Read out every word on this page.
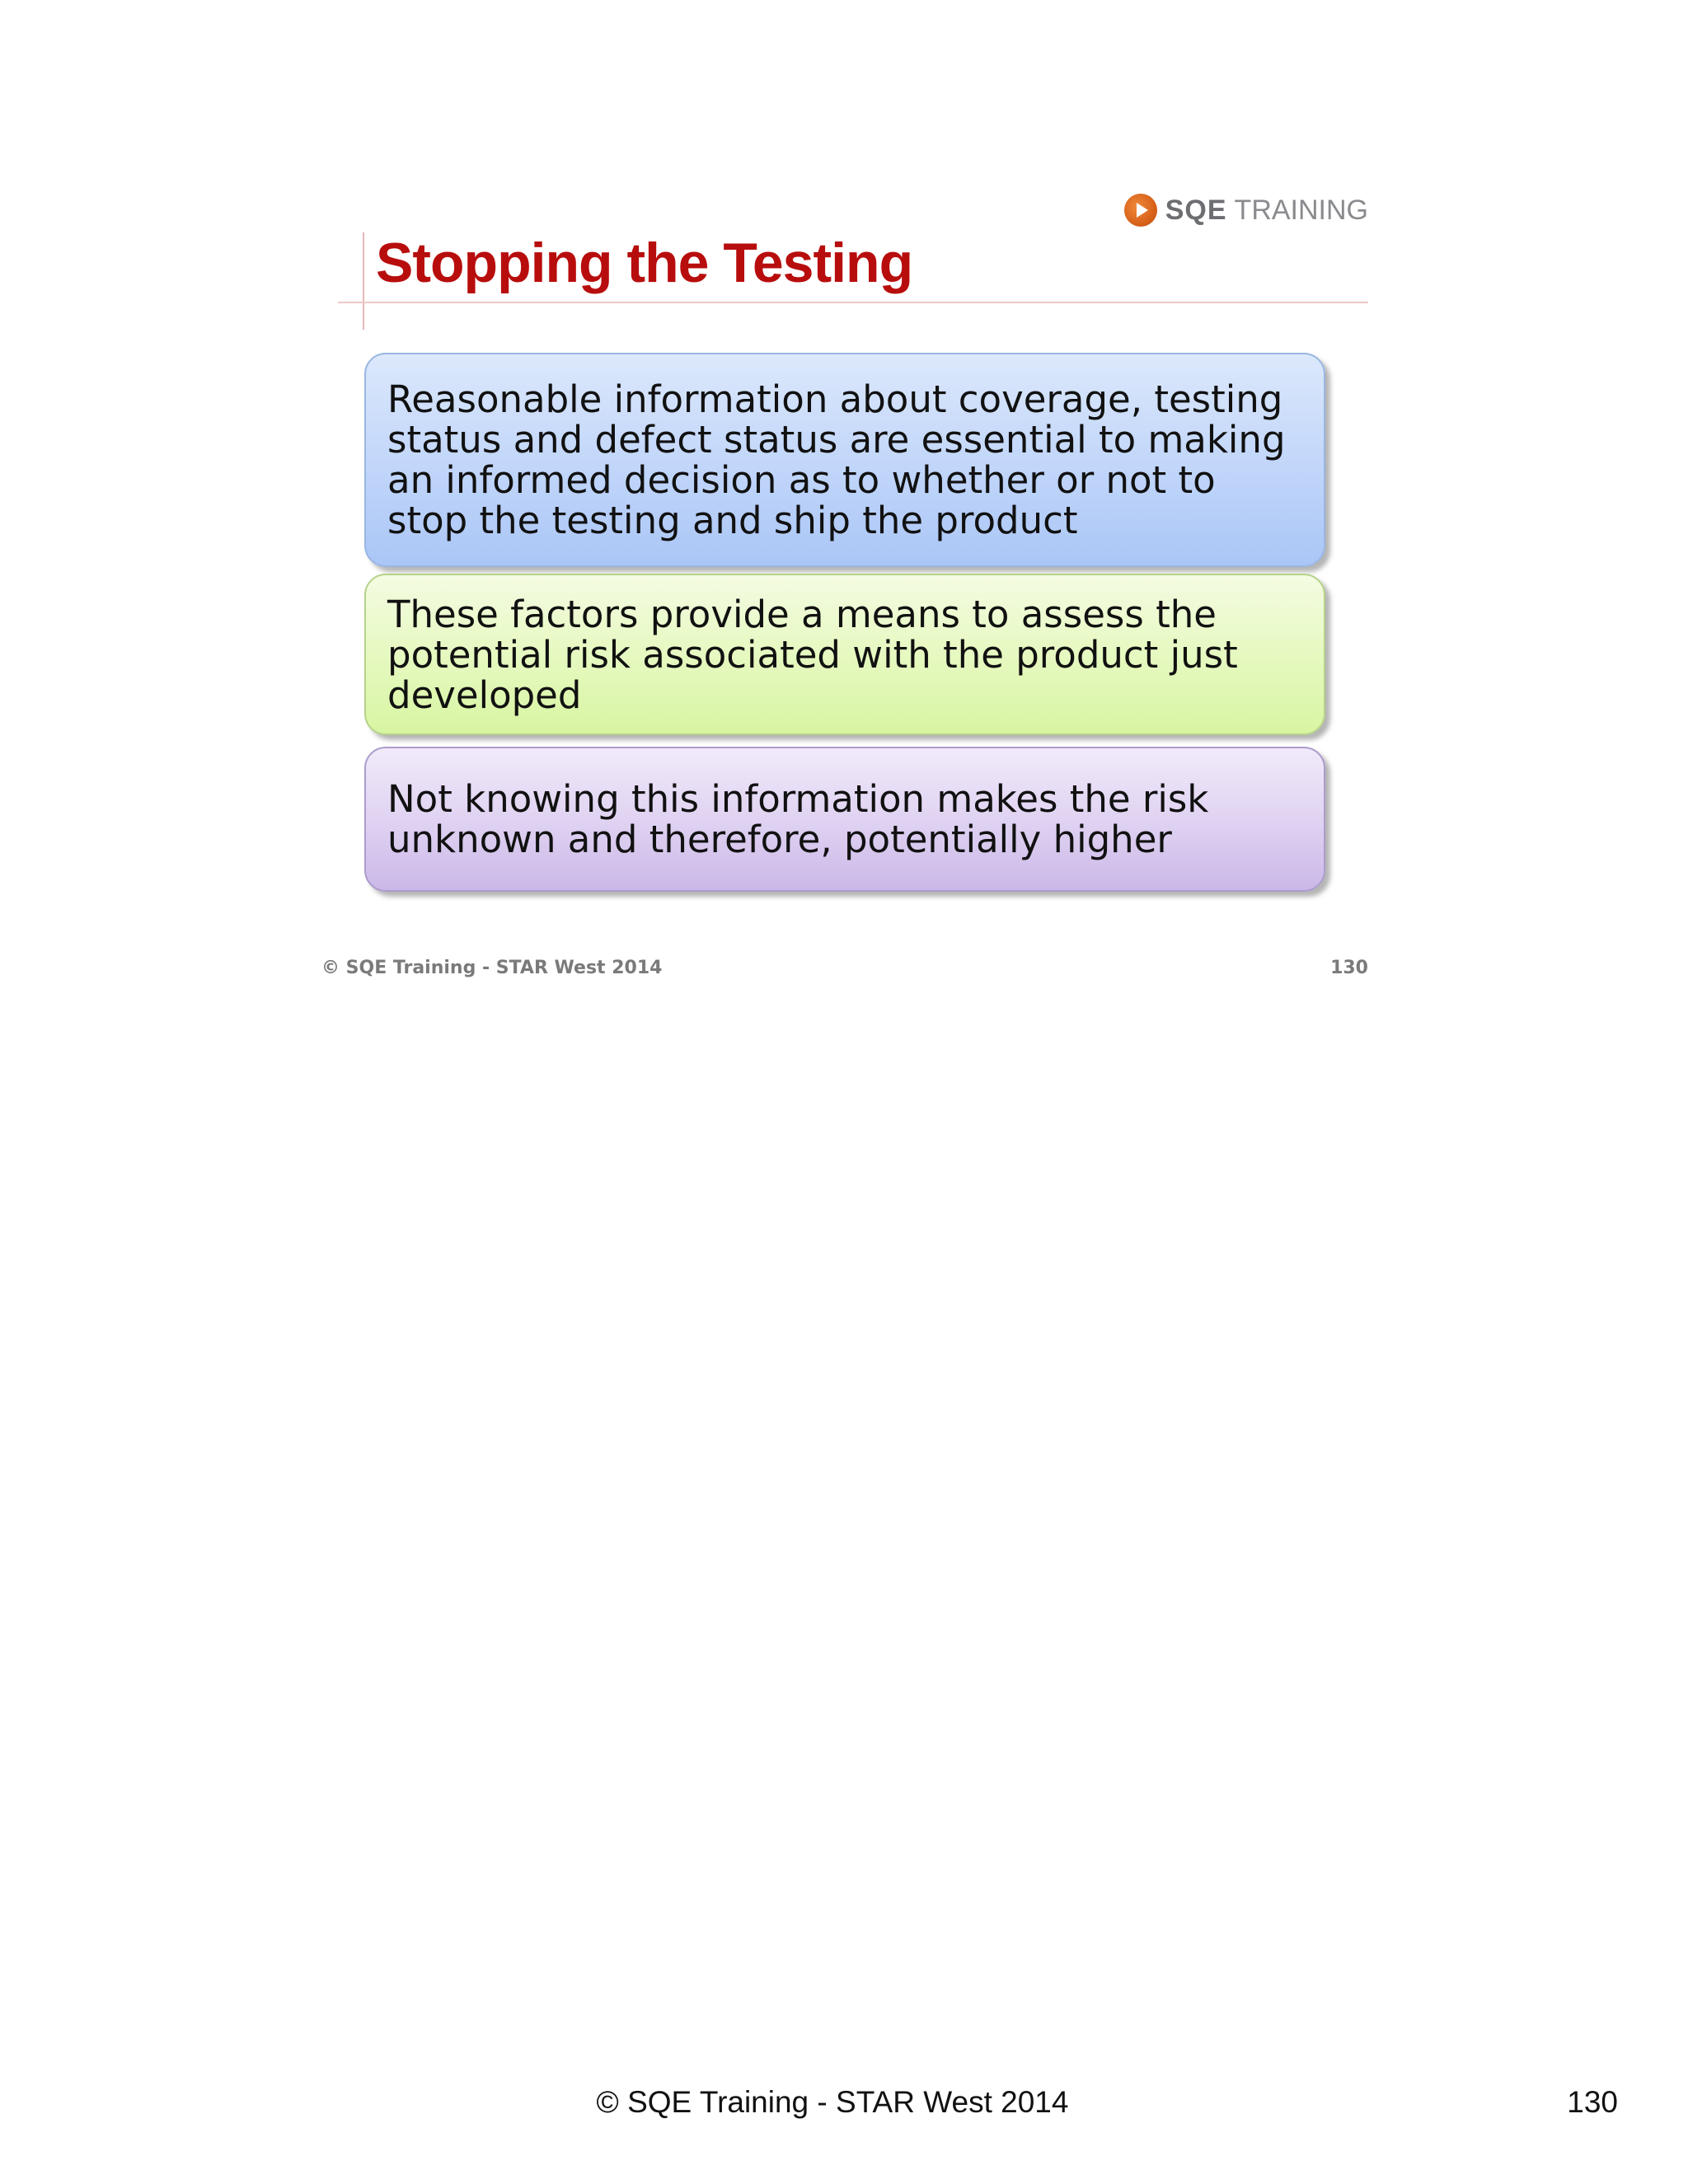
SQE TRAINING
Stopping the Testing
Reasonable information about coverage, testing status and defect status are essential to making an informed decision as to whether or not to stop the testing and ship the product
These factors provide a means to assess the potential risk associated with the product just developed
Not knowing this information makes the risk unknown and therefore, potentially higher
© SQE Training - STAR West 2014	130
© SQE Training - STAR West 2014	130
